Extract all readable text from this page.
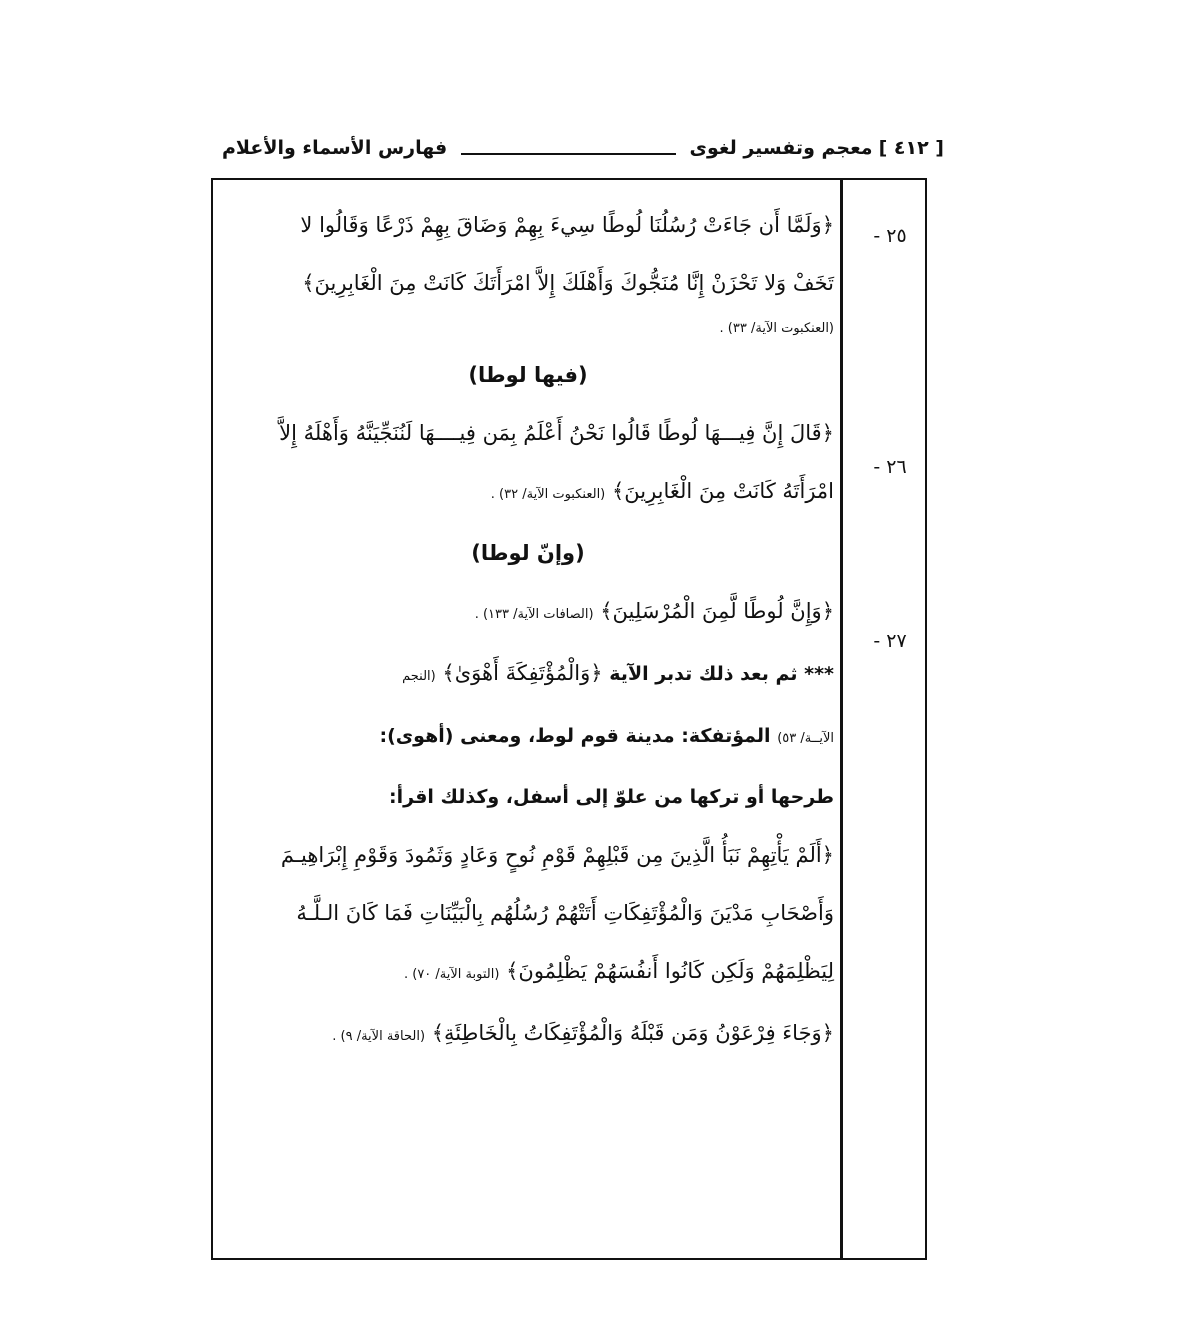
[ ٤١٢ ]
معجم وتفسير لغوى
فهارس الأسماء والأعلام
٢٥ -
٢٦ -
٢٧ -
﴿وَلَمَّا أَن جَاءَتْ رُسُلُنَا لُوطًا سِيءَ بِهِمْ وَضَاقَ بِهِمْ ذَرْعًا وَقَالُوا لا
تَخَفْ وَلا تَحْزَنْ إِنَّا مُنَجُّوكَ وَأَهْلَكَ إِلاَّ امْرَأَتَكَ كَانَتْ مِنَ الْغَابِرِينَ﴾
(العنكبوت الآية/ ٣٣) .
(فيها لوطا)
﴿قَالَ إِنَّ فِيـــهَا لُوطًا قَالُوا نَحْنُ أَعْلَمُ بِمَن فِيــــهَا لَنُنَجِّيَنَّهُ وَأَهْلَهُ إِلاَّ
امْرَأَتَهُ كَانَتْ مِنَ الْغَابِرِينَ﴾ (العنكبوت الآية/ ٣٢) .
(وإنّ لوطا)
﴿وَإِنَّ لُوطًا لَّمِنَ الْمُرْسَلِينَ﴾ (الصافات الآية/ ١٣٣) .
*** ثم بعد ذلك تدبر الآية ﴿وَالْمُؤْتَفِكَةَ أَهْوَىٰ﴾ (النجم
الآيــة/ ٥٣) المؤتفكة: مدينة قوم لوط، ومعنى (أهوى):
طرحها أو تركها من علوّ إلى أسفل، وكذلك اقرأ:
﴿أَلَمْ يَأْتِهِمْ نَبَأُ الَّذِينَ مِن قَبْلِهِمْ قَوْمِ نُوحٍ وَعَادٍ وَثَمُودَ وَقَوْمِ إِبْرَاهِيـمَ
وَأَصْحَابِ مَدْيَنَ وَالْمُؤْتَفِكَاتِ أَتَتْهُمْ رُسُلُهُم بِالْبَيِّنَاتِ فَمَا كَانَ الـلَّـهُ
لِيَظْلِمَهُمْ وَلَكِن كَانُوا أَنفُسَهُمْ يَظْلِمُونَ﴾ (التوبة الآية/ ٧٠) .
﴿وَجَاءَ فِرْعَوْنُ وَمَن قَبْلَهُ وَالْمُؤْتَفِكَاتُ بِالْخَاطِئَةِ﴾ (الحاقة الآية/ ٩) .
